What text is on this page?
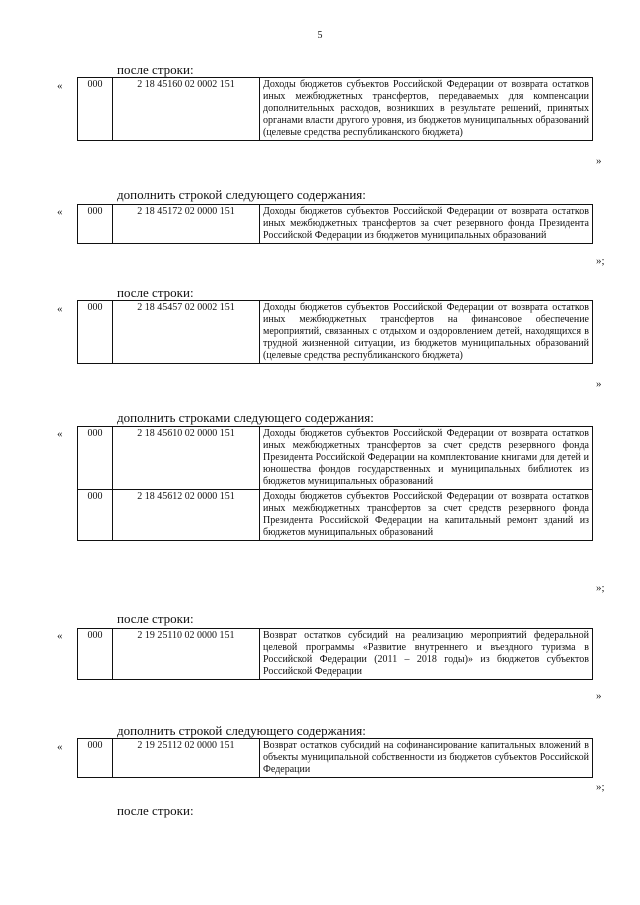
5
после строки:
«	000	2 18 45160 02 0002 151	Доходы бюджетов субъектов Российской Федерации от возврата остатков иных межбюджетных трансфертов, передаваемых для компенсации дополнительных расходов, возникших в результате решений, принятых органами власти другого уровня, из бюджетов муниципальных образований (целевые средства республиканского бюджета)
»
дополнить строкой следующего содержания:
«	000	2 18 45172 02 0000 151	Доходы бюджетов субъектов Российской Федерации от возврата остатков иных межбюджетных трансфертов за счет резервного фонда Президента Российской Федерации из бюджетов муниципальных образований
»;
после строки:
«	000	2 18 45457 02 0002 151	Доходы бюджетов субъектов Российской Федерации от возврата остатков иных межбюджетных трансфертов на финансовое обеспечение мероприятий, связанных с отдыхом и оздоровлением детей, находящихся в трудной жизненной ситуации, из бюджетов муниципальных образований (целевые средства республиканского бюджета)
»
дополнить строками следующего содержания:
«	000	2 18 45610 02 0000 151	Доходы бюджетов субъектов Российской Федерации от возврата остатков иных межбюджетных трансфертов за счет средств резервного фонда Президента Российской Федерации на комплектование книгами для детей и юношества фондов государственных и муниципальных библиотек из бюджетов муниципальных образований
000	2 18 45612 02 0000 151	Доходы бюджетов субъектов Российской Федерации от возврата остатков иных межбюджетных трансфертов за счет средств резервного фонда Президента Российской Федерации на капитальный ремонт зданий из бюджетов муниципальных образований
»;
после строки:
«	000	2 19 25110 02 0000 151	Возврат остатков субсидий на реализацию мероприятий федеральной целевой программы «Развитие внутреннего и въездного туризма в Российской Федерации (2011 – 2018 годы)» из бюджетов субъектов Российской Федерации
»
дополнить строкой следующего содержания:
«	000	2 19 25112 02 0000 151	Возврат остатков субсидий на софинансирование капитальных вложений в объекты муниципальной собственности из бюджетов субъектов Российской Федерации
»;
после строки:
